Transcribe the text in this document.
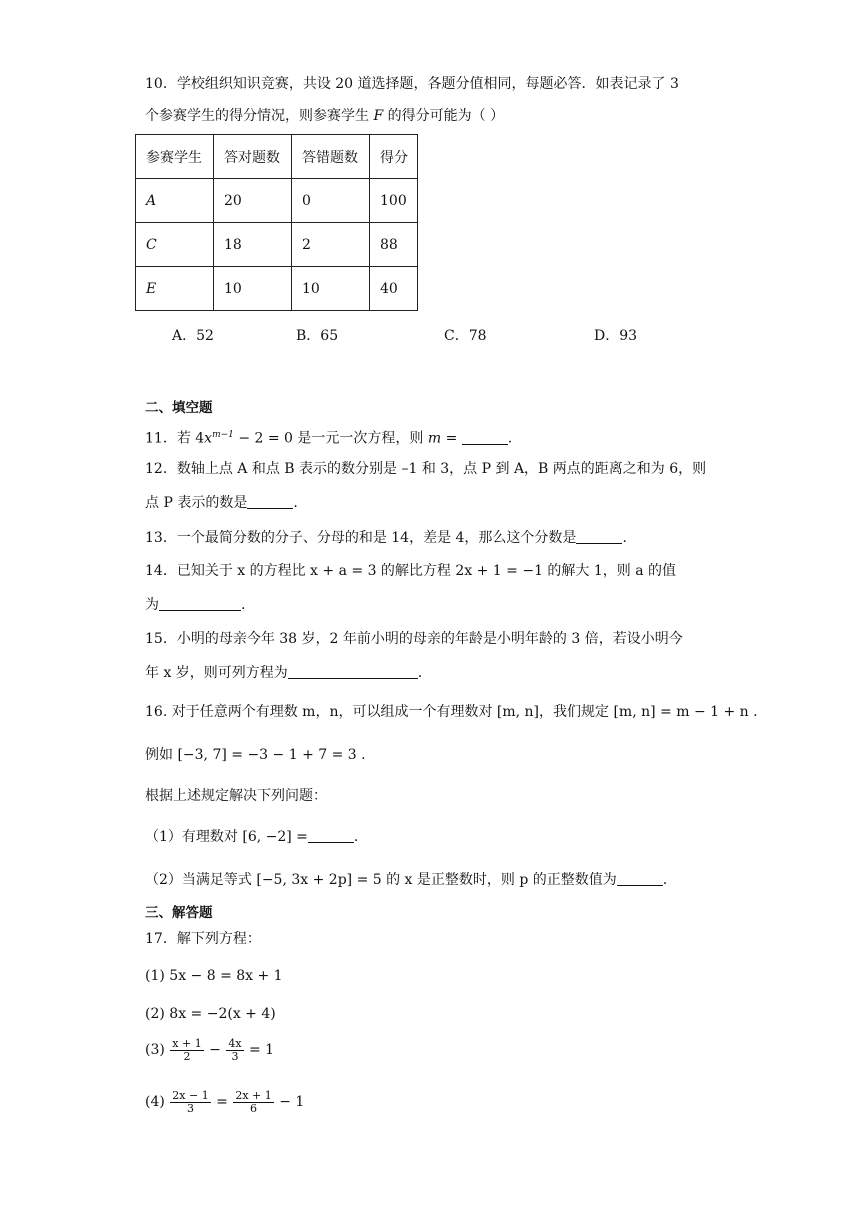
10．学校组织知识竞赛，共设 20 道选择题，各题分值相同，每题必答．如表记录了 3
个参赛学生的得分情况，则参赛学生 F 的得分可能为（ ）
参赛学生	答对题数	答错题数	得分
A	20	0	100
C	18	2	88
E	10	10	40
A．52	B．65	C．78	D．93
二、填空题
11．若 $4x^{m-1} - 2 = 0$ 是一元一次方程，则 m =	.
12．数轴上点 A 和点 B 表示的数分别是 –1 和 3，点 P 到 A，B 两点的距离之和为 6，则
点 P 表示的数是	.
13．一个最简分数的分子、分母的和是 14，差是 4，那么这个分数是	.
14．已知关于 x 的方程比 x + a = 3 的解比方程 2x + 1 = −1 的解大 1，则 a 的值
为	.
15．小明的母亲今年 38 岁，2 年前小明的母亲的年龄是小明年龄的 3 倍，若设小明今
年 x 岁，则可列方程为	.
16. 对于任意两个有理数 m，n，可以组成一个有理数对 [m, n]，我们规定 [m, n] = m − 1 + n .
例如 [−3, 7] = −3 − 1 + 7 = 3 .
根据上述规定解决下列问题：
（1）有理数对 [6, −2] =	.
（2）当满足等式 [−5, 3x + 2p] = 5 的 x 是正整数时，则 p 的正整数值为	.
三、解答题
17．解下列方程：
(1) 5x − 8 = 8x + 1
(2) 8x = −2(x + 4)
$(3) \frac{x + 1}{2} - \frac{4x}{3} = 1$
$(4) \frac{2x - 1}{3} = \frac{2x + 1}{6} - 1$
